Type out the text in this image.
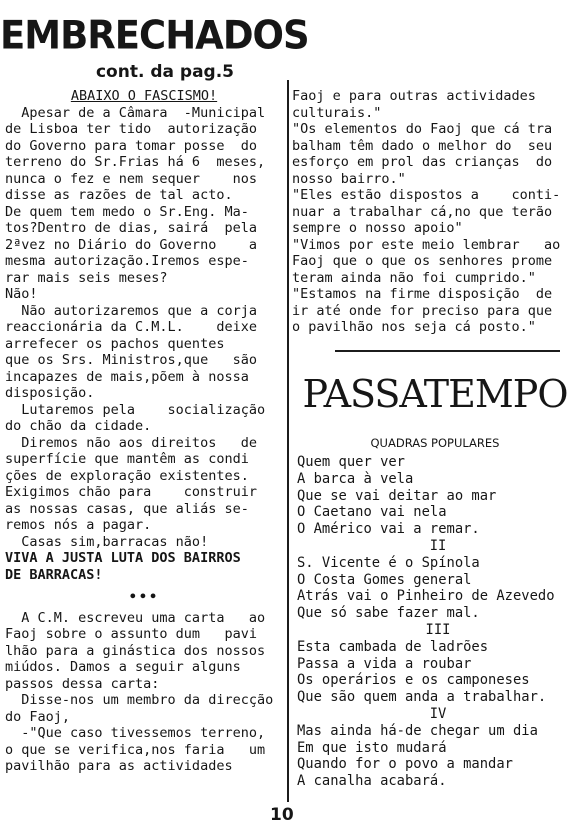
EMBRECHADOS
cont. da pag.5
ABAIXO O FASCISMO!
Apesar de a Câmara  -Municipal
de Lisboa ter tido  autorização
do Governo para tomar posse  do
terreno do Sr.Frias há 6  meses,
nunca o fez e nem sequer    nos
disse as razões de tal acto.
De quem tem medo o Sr.Eng. Ma-
tos?Dentro de dias, sairá  pela
2ªvez no Diário do Governo    a
mesma autorização.Iremos espe-
rar mais seis meses?
Não!
Não autorizaremos que a corja
reaccionária da C.M.L.    deixe
arrefecer os pachos quentes
que os Srs. Ministros,que   são
incapazes de mais,põem à nossa
disposição.
Lutaremos pela    socialização
do chão da cidade.
Diremos não aos direitos   de
superfície que mantêm as condi
ções de exploração existentes.
Exigimos chão para    construir
as nossas casas, que aliás se-
remos nós a pagar.
Casas sim,barracas não!
VIVA A JUSTA LUTA DOS BAIRROS
DE BARRACAS!
•••
A C.M. escreveu uma carta   ao
Faoj sobre o assunto dum   pavi
lhão para a ginástica dos nossos
miúdos. Damos a seguir alguns
passos dessa carta:
Disse-nos um membro da direcção
do Faoj,
-"Que caso tivessemos terreno,
o que se verifica,nos faria   um
pavilhão para as actividades
Faoj e para outras actividades
culturais."
"Os elementos do Faoj que cá tra
balham têm dado o melhor do  seu
esforço em prol das crianças  do
nosso bairro."
"Eles estão dispostos a    conti-
nuar a trabalhar cá,no que terão
sempre o nosso apoio"
"Vimos por este meio lembrar   ao
Faoj que o que os senhores prome
teram ainda não foi cumprido."
"Estamos na firme disposição  de
ir até onde for preciso para que
o pavilhão nos seja cá posto."
PASSATEMPO
QUADRAS POPULARES
Quem quer ver
A barca à vela
Que se vai deitar ao mar
O Caetano vai nela
O Américo vai a remar.
II
S. Vicente é o Spínola
O Costa Gomes general
Atrás vai o Pinheiro de Azevedo
Que só sabe fazer mal.
III
Esta cambada de ladrões
Passa a vida a roubar
Os operários e os camponeses
Que são quem anda a trabalhar.
IV
Mas ainda há-de chegar um dia
Em que isto mudará
Quando for o povo a mandar
A canalha acabará.
10
